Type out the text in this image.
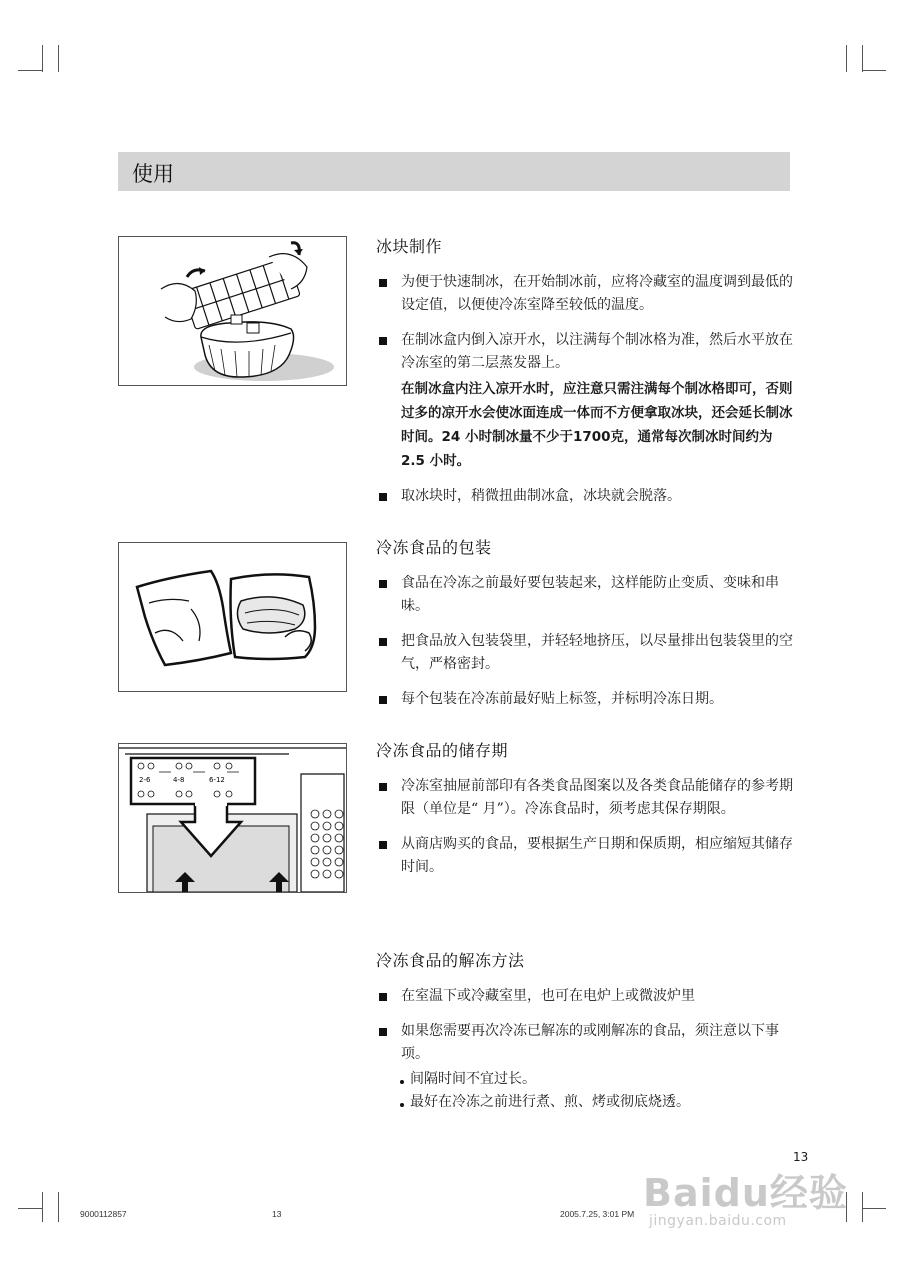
使用
2-6	4-8	6-12
冰块制作
为便于快速制冰，在开始制冰前，应将冷藏室的温度调到最低的设定值，以便使冷冻室降至较低的温度。
在制冰盒内倒入凉开水，以注满每个制冰格为准，然后水平放在冷冻室的第二层蒸发器上。
在制冰盒内注入凉开水时，应注意只需注满每个制冰格即可，否则过多的凉开水会使冰面连成一体而不方便拿取冰块，还会延长制冰时间。24 小时制冰量不少于1700克，通常每次制冰时间约为 2.5 小时。
取冰块时，稍微扭曲制冰盒，冰块就会脱落。
冷冻食品的包装
食品在冷冻之前最好要包装起来，这样能防止变质、变味和串味。
把食品放入包装袋里，并轻轻地挤压，以尽量排出包装袋里的空气，严格密封。
每个包装在冷冻前最好贴上标签，并标明冷冻日期。
冷冻食品的储存期
冷冻室抽屉前部印有各类食品图案以及各类食品能储存的参考期限（单位是“ 月”）。冷冻食品时，须考虑其保存期限。
从商店购买的食品，要根据生产日期和保质期，相应缩短其储存时间。
冷冻食品的解冻方法
在室温下或冷藏室里，也可在电炉上或微波炉里
如果您需要再次冷冻已解冻的或刚解冻的食品，须注意以下事项。
间隔时间不宜过长。
最好在冷冻之前进行煮、煎、烤或彻底烧透。
13
Baidu经验
jingyan.baidu.com
9000112857	13	2005.7.25, 3:01 PM
